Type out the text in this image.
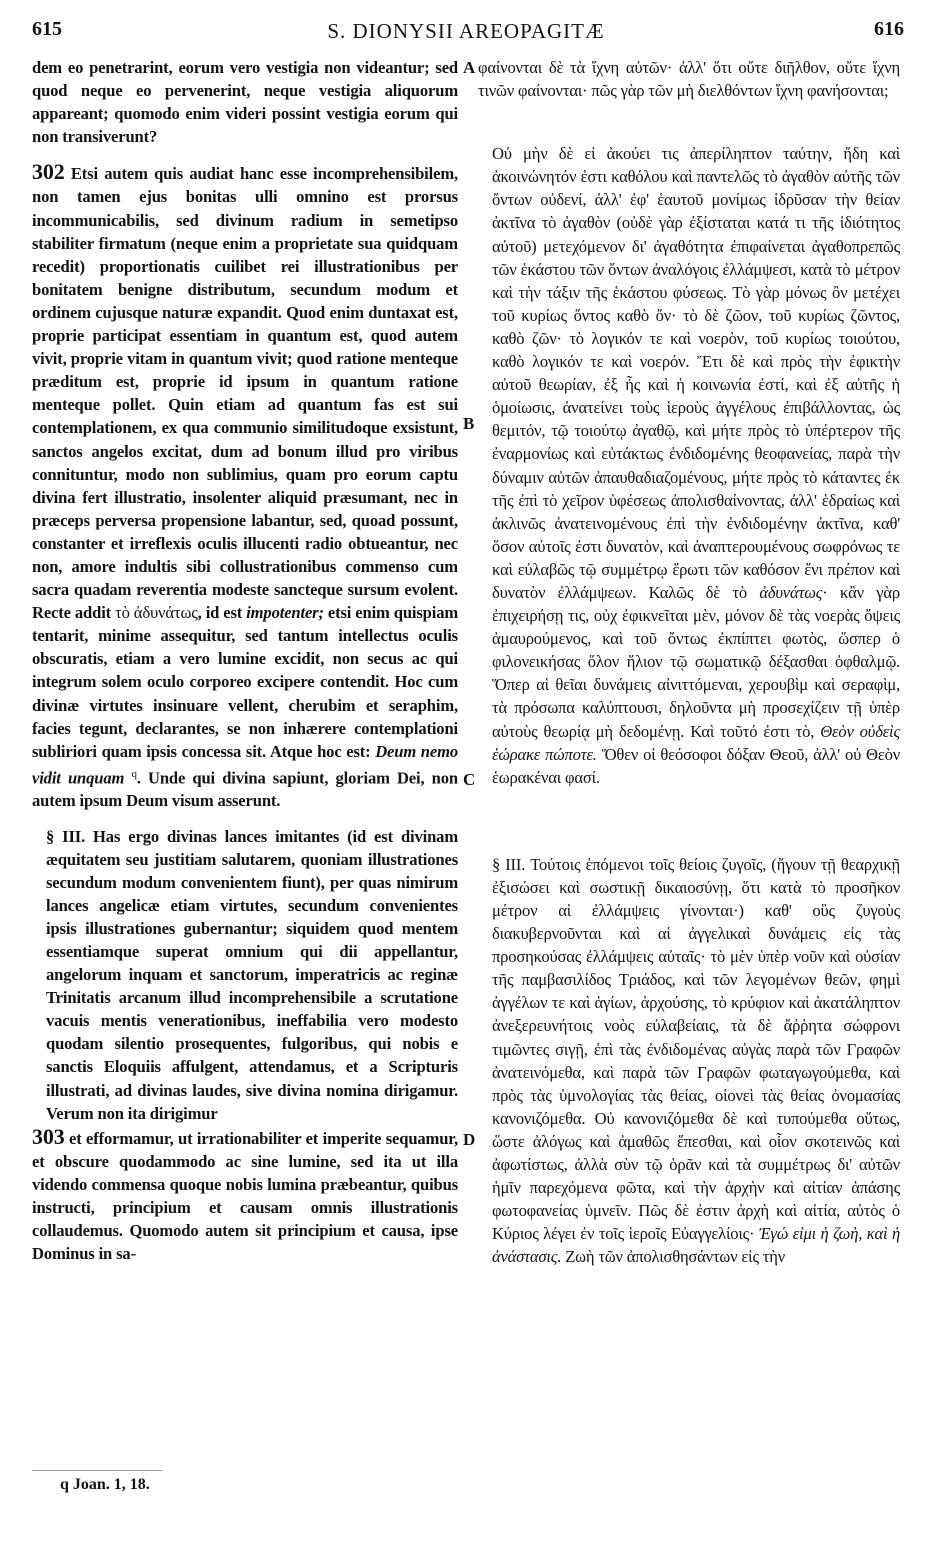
615	S. DIONYSII AREOPAGITÆ	616

dem eo penetrarint, eorum vero vestigia non videantur; sed quod neque eo pervenerint, neque vestigia aliquorum appareant; quomodo enim videri possint vestigia eorum qui non transiverunt?

302 Etsi autem quis audiat hanc esse incomprehensibilem, non tamen ejus bonitas ulli omnino est prorsus incommunicabilis, sed divinum radium in semetipso stabiliter firmatum (neque enim a proprietate sua quidquam recedit) proportionatis cuilibet rei illustrationibus per bonitatem benigne distributum, secundum modum et ordinem cujusque naturæ expandit. Quod enim duntaxat est, proprie participat essentiam in quantum est, quod autem vivit, proprie vitam in quantum vivit; quod ratione menteque præditum est, proprie id ipsum in quantum ratione menteque pollet. Quin etiam ad quantum fas est sui contemplationem, ex qua communio similitudoque exsistunt, sanctos angelos excitat, dum ad bonum illud pro viribus connituntur, modo non sublimius, quam pro eorum captu divina fert illustratio, insolenter aliquid præsumant, nec in præceps perversa propensione labantur, sed, quoad possunt, constanter et irreflexis oculis illucenti radio obtueantur, nec non, amore indultis sibi collustrationibus commenso cum sacra quadam reverentia modeste sancteque sursum evolent. Recte addit τὸ ἀδυνάτως, id est impotenter; etsi enim quispiam tentarit, minime assequitur, sed tantum intellectus oculis obscuratis, etiam a vero lumine excidit, non secus ac qui integrum solem oculo corporeo excipere contendit. Hoc cum divinæ virtutes insinuare vellent, cherubim et seraphim, facies tegunt, declarantes, se non inhærere contemplationi subliriori quam ipsis concessa sit. Atque hoc est: Deum nemo vidit unquam $^q$. Unde qui divina sapiunt, gloriam Dei, non autem ipsum Deum visum asserunt.

§ III. Has ergo divinas lances imitantes (id est divinam æquitatem seu justitiam salutarem, quoniam illustrationes secundum modum convenientem fiunt), per quas nimirum lances angelicæ etiam virtutes, secundum convenientes ipsis illustrationes gubernantur; siquidem quod mentem essentiamque superat omnium qui dii appellantur, angelorum inquam et sanctorum, imperatricis ac reginæ Trinitatis arcanum illud incomprehensibile a scrutatione vacuis mentis venerationibus, ineffabilia vero modesto quodam silentio prosequentes, fulgoribus, qui nobis e sanctis Eloquiis affulgent, attendamus, et a Scripturis illustrati, ad divinas laudes, sive divina nomina dirigamur. Verum non ita dirigimur

303 et efformamur, ut irrationabiliter et imperite sequamur, et obscure quodammodo ac sine lumine, sed ita ut illa videndo commensa quoque nobis lumina præbeantur, quibus instructi, principium et causam omnis illustrationis collaudemus. Quomodo autem sit principium et causa, ipse Dominus in sa-

A
B
C
D

φαίνονται δὲ τὰ ἴχνη αὐτῶν· ἀλλ' ὅτι οὔτε διῆλθον, οὔτε ἴχνη τινῶν φαίνονται· πῶς γὰρ τῶν μὴ διελθόντων ἴχνη φανήσονται;

Οὐ μὴν δὲ εἰ ἀκούει τις ἀπερίληπτον ταύτην, ἤδη καὶ ἀκοινώνητόν ἐστι καθόλου καὶ παντελῶς τὸ ἀγαθὸν αὐτῆς τῶν ὄντων οὐδενί, ἀλλ' ἐφ' ἑαυτοῦ μονίμως ἱδρῦσαν τὴν θείαν ἀκτῖνα τὸ ἀγαθὸν (οὐδὲ γὰρ ἐξίσταται κατά τι τῆς ἰδιότητος αὐτοῦ) μετεχόμενον δι' ἀγαθότητα ἐπιφαίνεται ἀγαθοπρεπῶς τῶν ἑκάστου τῶν ὄντων ἀναλόγοις ἐλλάμψεσι, κατὰ τὸ μέτρον καὶ τὴν τάξιν τῆς ἑκάστου φύσεως. Τὸ γὰρ μόνως ὂν μετέχει τοῦ κυρίως ὄντος καθὸ ὄν· τὸ δὲ ζῶον, τοῦ κυρίως ζῶντος, καθὸ ζῶν· τὸ λογικόν τε καὶ νοερὸν, τοῦ κυρίως τοιούτου, καθὸ λογικόν τε καὶ νοερόν. Ἔτι δὲ καὶ πρὸς τὴν ἐφικτὴν αὐτοῦ θεωρίαν, ἐξ ἧς καὶ ἡ κοινωνία ἐστί, καὶ ἐξ αὐτῆς ἡ ὁμοίωσις, ἀνατείνει τοὺς ἱεροὺς ἀγγέλους ἐπιβάλλοντας, ὡς θεμιτόν, τῷ τοιούτῳ ἀγαθῷ, καὶ μήτε πρὸς τὸ ὑπέρτερον τῆς ἐναρμονίως καὶ εὐτάκτως ἐνδιδομένης θεοφανείας, παρὰ τὴν δύναμιν αὐτῶν ἀπαυθαδιαζομένους, μήτε πρὸς τὸ κάταντες ἐκ τῆς ἐπὶ τὸ χεῖρον ὑφέσεως ἀπολισθαίνοντας, ἀλλ' ἑδραίως καὶ ἀκλινῶς ἀνατεινομένους ἐπὶ τὴν ἐνδιδομένην ἀκτῖνα, καθ' ὅσον αὐτοῖς ἐστι δυνατὸν, καὶ ἀναπτερουμένους σωφρόνως τε καὶ εὐλαβῶς τῷ συμμέτρῳ ἔρωτι τῶν καθόσον ἔνι πρέπον καὶ δυνατὸν ἐλλάμψεων. Καλῶς δὲ τὸ ἀδυνάτως· κἂν γὰρ ἐπιχειρήσῃ τις, οὐχ ἐφικνεῖται μὲν, μόνον δὲ τὰς νοερὰς ὄψεις ἀμαυρούμενος, καὶ τοῦ ὄντως ἐκπίπτει φωτὸς, ὥσπερ ὁ φιλονεικήσας ὅλον ἥλιον τῷ σωματικῷ δέξασθαι ὀφθαλμῷ. Ὅπερ αἱ θεῖαι δυνάμεις αἰνιττόμεναι, χερουβὶμ καὶ σεραφὶμ, τὰ πρόσωπα καλύπτουσι, δηλοῦντα μὴ προσεχίζειν τῇ ὑπὲρ αὐτοὺς θεωρίᾳ μὴ δεδομένῃ. Καὶ τοῦτό ἐστι τὸ, Θεὸν οὐδεὶς ἑώρακε πώποτε. Ὅθεν οἱ θεόσοφοι δόξαν Θεοῦ, ἀλλ' οὐ Θεὸν ἑωρακέναι φασί.

§ III. Τούτοις ἑπόμενοι τοῖς θείοις ζυγοῖς, (ἤγουν τῇ θεαρχικῇ ἐξισώσει καὶ σωστικῇ δικαιοσύνῃ, ὅτι κατὰ τὸ προσῆκον μέτρον αἱ ἐλλάμψεις γίνονται·) καθ' οὓς ζυγοὺς διακυβερνοῦνται καὶ αἱ ἀγγελικαὶ δυνάμεις εἰς τὰς προσηκούσας ἐλλάμψεις αὐταῖς· τὸ μὲν ὑπὲρ νοῦν καὶ οὐσίαν τῆς παμβασιλίδος Τριάδος, καὶ τῶν λεγομένων θεῶν, φημὶ ἀγγέλων τε καὶ ἁγίων, ἀρχούσης, τὸ κρύφιον καὶ ἀκατάληπτον ἀνεξερευνήτοις νοὸς εὐλαβείαις, τὰ δὲ ἄῤῥητα σώφρονι τιμῶντες σιγῇ, ἐπὶ τὰς ἐνδιδομένας αὐγὰς παρὰ τῶν Γραφῶν ἀνατεινόμεθα, καὶ παρὰ τῶν Γραφῶν φωταγωγούμεθα, καὶ πρὸς τὰς ὑμνολογίας τὰς θείας, οἱονεὶ τὰς θείας ὀνομασίας κανονιζόμεθα. Οὐ κανονιζόμεθα δὲ καὶ τυπούμεθα οὕτως, ὥστε ἀλόγως καὶ ἀμαθῶς ἕπεσθαι, καὶ οἷον σκοτεινῶς καὶ ἀφωτίστως, ἀλλὰ σὺν τῷ ὁρᾶν καὶ τὰ συμμέτρως δι' αὐτῶν ἡμῖν παρεχόμενα φῶτα, καὶ τὴν ἀρχὴν καὶ αἰτίαν ἁπάσης φωτοφανείας ὑμνεῖν. Πῶς δὲ ἐστιν ἀρχὴ καὶ αἰτία, αὐτὸς ὁ Κύριος λέγει ἐν τοῖς ἱεροῖς Εὐαγγελίοις· Ἐγώ εἰμι ἡ ζωὴ, καὶ ἡ ἀνάστασις. Ζωὴ τῶν ἀπολισθησάντων εἰς τὴν

q Joan. 1, 18.
